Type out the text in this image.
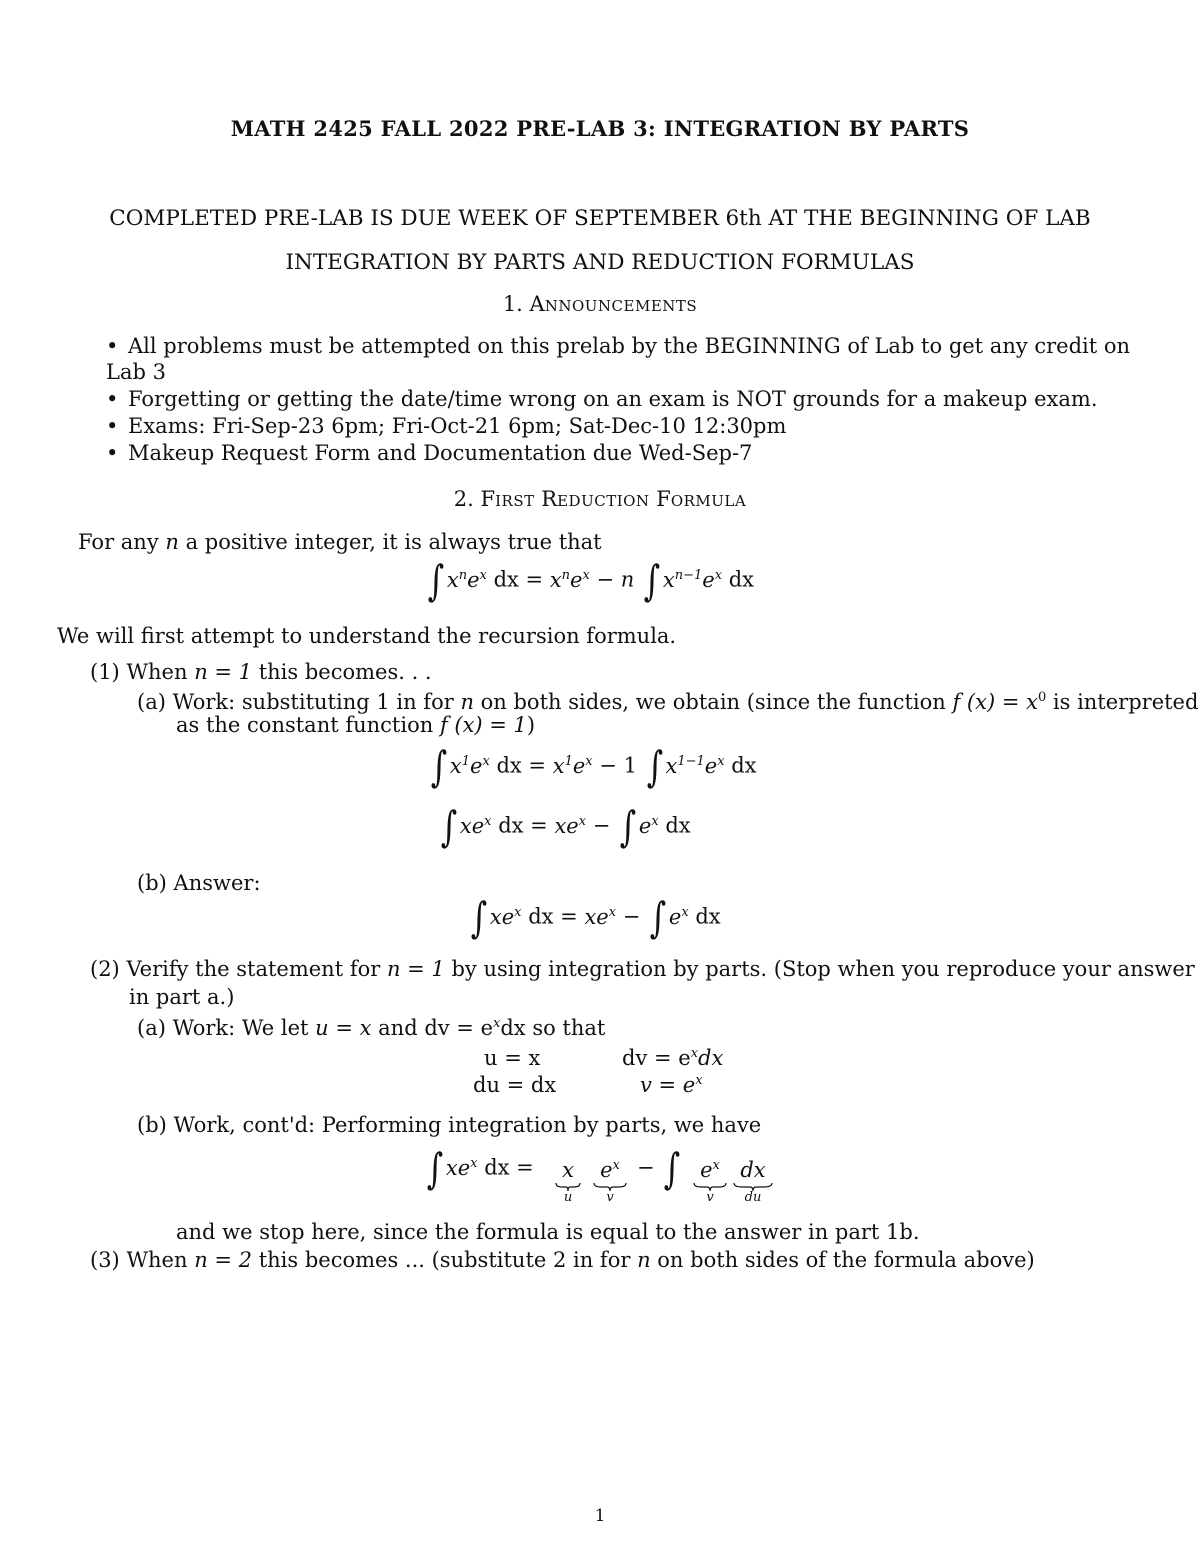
MATH 2425 FALL 2022 PRE-LAB 3: INTEGRATION BY PARTS
COMPLETED PRE-LAB IS DUE WEEK OF SEPTEMBER 6th AT THE BEGINNING OF LAB
INTEGRATION BY PARTS AND REDUCTION FORMULAS
1. ANNOUNCEMENTS
• All problems must be attempted on this prelab by the BEGINNING of Lab to get any credit on Lab 3
• Forgetting or getting the date/time wrong on an exam is NOT grounds for a makeup exam.
• Exams: Fri-Sep-23 6pm; Fri-Oct-21 6pm; Sat-Dec-10 12:30pm
• Makeup Request Form and Documentation due Wed-Sep-7
2. FIRST REDUCTION FORMULA
For any n a positive integer, it is always true that
∫ $x^ne^x$ dx = $x^ne^x - n$ ∫ $x^{n-1}e^x$ dx
We will first attempt to understand the recursion formula.
(1) When n = 1 this becomes. . .
(a) Work: substituting 1 in for n on both sides, we obtain (since the function f $(x) = x^0$ is interpreted
as the constant function f (x) = 1)
∫ $x^1e^x$ dx = $x^1e^x - 1$ ∫ $x^{1-1}e^x$ dx
∫ $xe^x$ dx = $xe^x$ − ∫ $e^x$ dx
(b) Answer:
∫ $xe^x$ dx = $xe^x$ − ∫ $e^x$ dx
(2) Verify the statement for n = 1 by using integration by parts. (Stop when you reproduce your answer
in part a.)
(a) Work: We let u = x and dv = $e^xdx$ so that
u = x	dv = $e^xdx$
du = dx	$v = e^x$
(b) Work, cont'd: Performing integration by parts, we have
∫ $xe^x$ dx =	x
u
$e^x$
v
− ∫ $e^x$
v
dx
du
and we stop here, since the formula is equal to the answer in part 1b.
(3) When n = 2 this becomes ... (substitute 2 in for n on both sides of the formula above)
1
